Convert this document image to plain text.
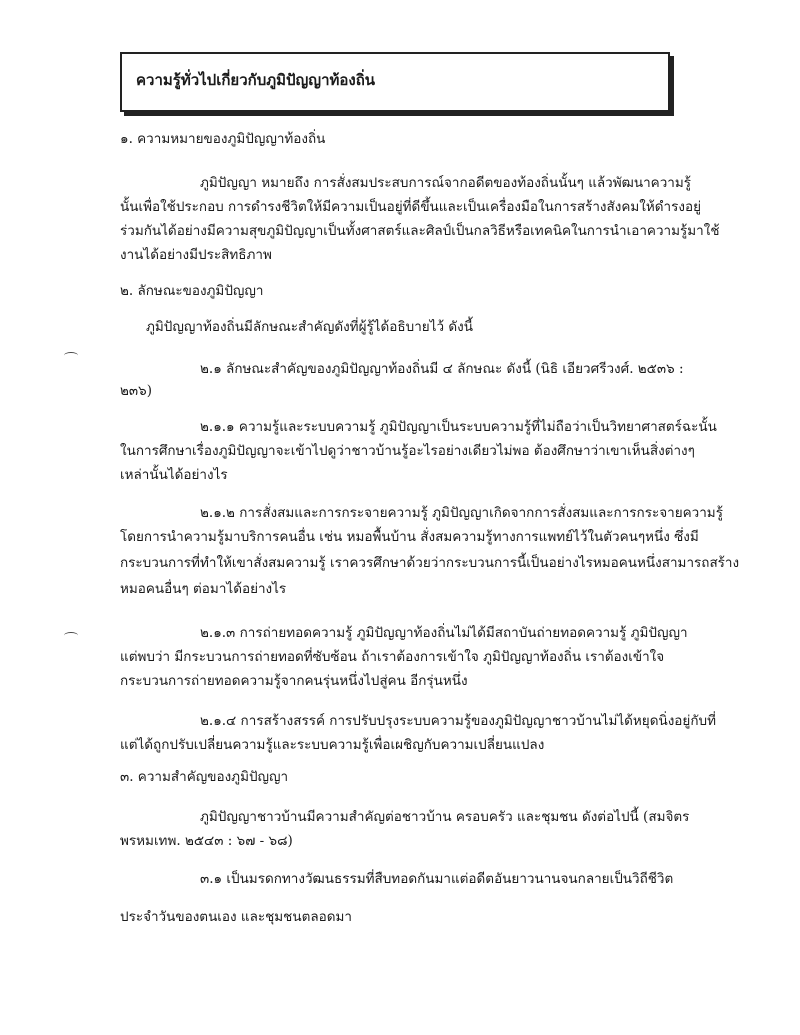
ความรู้ทั่วไปเกี่ยวกับภูมิปัญญาท้องถิ่น
๑. ความหมายของภูมิปัญญาท้องถิ่น
ภูมิปัญญา หมายถึง การสั่งสมประสบการณ์จากอดีตของท้องถิ่นนั้นๆ แล้วพัฒนาความรู้
นั้นเพื่อใช้ประกอบ การดำรงชีวิตให้มีความเป็นอยู่ที่ดีขึ้นและเป็นเครื่องมือในการสร้างสังคมให้ดำรงอยู่
ร่วมกันได้อย่างมีความสุขภูมิปัญญาเป็นทั้งศาสตร์และศิลป์เป็นกลวิธีหรือเทคนิคในการนำเอาความรู้มาใช้
งานได้อย่างมีประสิทธิภาพ
๒. ลักษณะของภูมิปัญญา
ภูมิปัญญาท้องถิ่นมีลักษณะสำคัญดังที่ผู้รู้ได้อธิบายไว้ ดังนี้
๒.๑ ลักษณะสำคัญของภูมิปัญญาท้องถิ่นมี ๔ ลักษณะ ดังนี้ (นิธิ เอียวศรีวงศ์. ๒๕๓๖ :
๒๓๖)
๒.๑.๑ ความรู้และระบบความรู้ ภูมิปัญญาเป็นระบบความรู้ที่ไม่ถือว่าเป็นวิทยาศาสตร์ฉะนั้น
ในการศึกษาเรื่องภูมิปัญญาจะเข้าไปดูว่าชาวบ้านรู้อะไรอย่างเดียวไม่พอ ต้องศึกษาว่าเขาเห็นสิ่งต่างๆ
เหล่านั้นได้อย่างไร
๒.๑.๒ การสั่งสมและการกระจายความรู้ ภูมิปัญญาเกิดจากการสั่งสมและการกระจายความรู้
โดยการนำความรู้มาบริการคนอื่น เช่น หมอพื้นบ้าน สั่งสมความรู้ทางการแพทย์ไว้ในตัวคนๆหนึ่ง ซึ่งมี
กระบวนการที่ทำให้เขาสั่งสมความรู้ เราควรศึกษาด้วยว่ากระบวนการนี้เป็นอย่างไรหมอคนหนึ่งสามารถสร้าง
หมอคนอื่นๆ ต่อมาได้อย่างไร
๒.๑.๓ การถ่ายทอดความรู้ ภูมิปัญญาท้องถิ่นไม่ได้มีสถาบันถ่ายทอดความรู้ ภูมิปัญญา
แต่พบว่า มีกระบวนการถ่ายทอดที่ซับซ้อน ถ้าเราต้องการเข้าใจ ภูมิปัญญาท้องถิ่น เราต้องเข้าใจ
กระบวนการถ่ายทอดความรู้จากคนรุ่นหนึ่งไปสู่คน อีกรุ่นหนึ่ง
๒.๑.๔ การสร้างสรรค์ การปรับปรุงระบบความรู้ของภูมิปัญญาชาวบ้านไม่ได้หยุดนิ่งอยู่กับที่
แต่ได้ถูกปรับเปลี่ยนความรู้และระบบความรู้เพื่อเผชิญกับความเปลี่ยนแปลง
๓. ความสำคัญของภูมิปัญญา
ภูมิปัญญาชาวบ้านมีความสำคัญต่อชาวบ้าน ครอบครัว และชุมชน ดังต่อไปนี้ (สมจิตร
พรหมเทพ. ๒๕๔๓ : ๖๗ - ๖๘)
๓.๑ เป็นมรดกทางวัฒนธรรมที่สืบทอดกันมาแต่อดีตอันยาวนานจนกลายเป็นวิถีชีวิต
ประจำวันของตนเอง และชุมชนตลอดมา
